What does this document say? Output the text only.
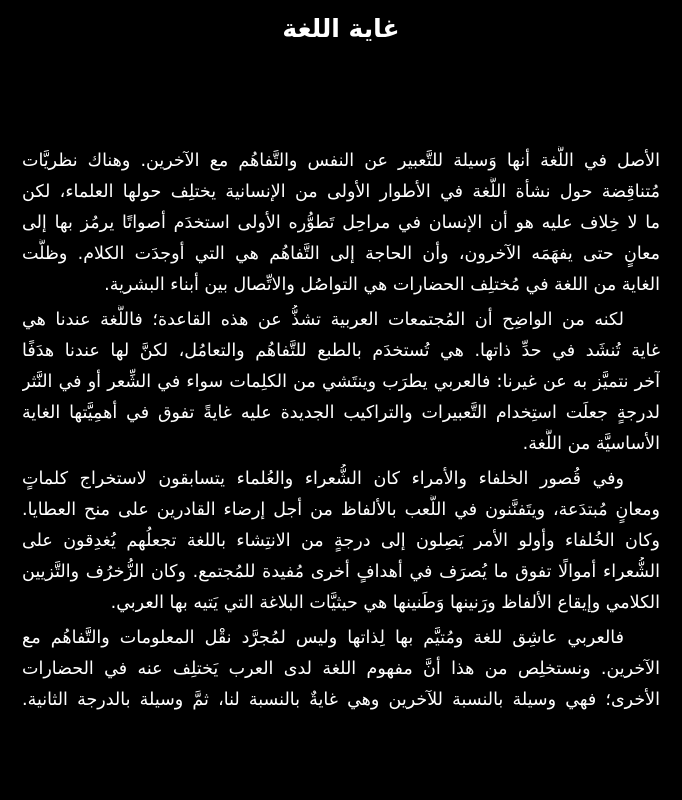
غاية اللغة
الأصل في اللُّغة أنها وَسيلة للتَّعبير عن النفس والتَّفاهُم مع الآخرين. وهناك نظريَّات
مُتناقِضة حول نشأة اللَّغة في الأطوار الأولى من الإنسانية يختلِف حولها العلماء، لكن
ما لا خِلاف عليه هو أن الإنسان في مراحِل تَطوُّره الأولى استخدَم أصواتًا يرمُز بها إلى
معانٍ حتى يفهَمَه الآخرون، وأن الحاجة إلى التَّفاهُم هي التي أوجدَت الكلام. وظلَّت
الغاية من اللغة في مُختلِف الحضارات هي التواصُل والاتِّصال بين أبناء البشرية.
لكنه من الواضِح أن المُجتمعات العربية تشذُّ عن هذه القاعدة؛ فاللُّغة عندنا هي
غاية تُنشَد في حدِّ ذاتها. هي تُستخدَم بالطبع للتَّفاهُم والتعامُل، لكنَّ لها عندنا هدَفًا
آخر نتميَّز به عن غيرنا: فالعربي يطرَب وينتَشي من الكلِمات سواء في الشِّعر أو في النَّثر
لدرجةٍ جعلَت استِخدام التَّعبيرات والتراكيب الجديدة عليه غايةً تفوق في أهمِيَّتها الغاية
الأساسيَّة من اللُّغة.
وفي قُصور الخلفاء والأمراء كان الشُّعراء والعُلماء يتسابقون لاستخراج كلماتٍ
ومعانٍ مُبتدَعة، ويتَفنَّنون في اللَّعب بالألفاظ من أجل إرضاء القادرين على منح العطايا.
وكان الخُلفاء وأولو الأمر يَصِلون إلى درجةٍ من الانتِشاء باللغة تجعلُهم يُغدِقون على
الشُّعراء أموالًا تفوق ما يُصرَف في أهدافٍ أخرى مُفيدة للمُجتمع. وكان الزُّخرُف والتَّزيين
الكلامي وإيقاع الألفاظ ورَنينها وَطَنينها هي حيثيَّات البلاغة التي يَتيه بها العربي.
فالعربي عاشِق للغة ومُتيَّم بها لِذاتها وليس لمُجرَّد نقْل المعلومات والتَّفاهُم مع
الآخرين. ونستخلِص من هذا أنَّ مفهوم اللغة لدى العرب يَختلِف عنه في الحضارات
الأخرى؛ فهي وسيلة بالنسبة للآخرين وهي غايةٌ بالنسبة لنا، ثمَّ وسيلة بالدرجة الثانية.
